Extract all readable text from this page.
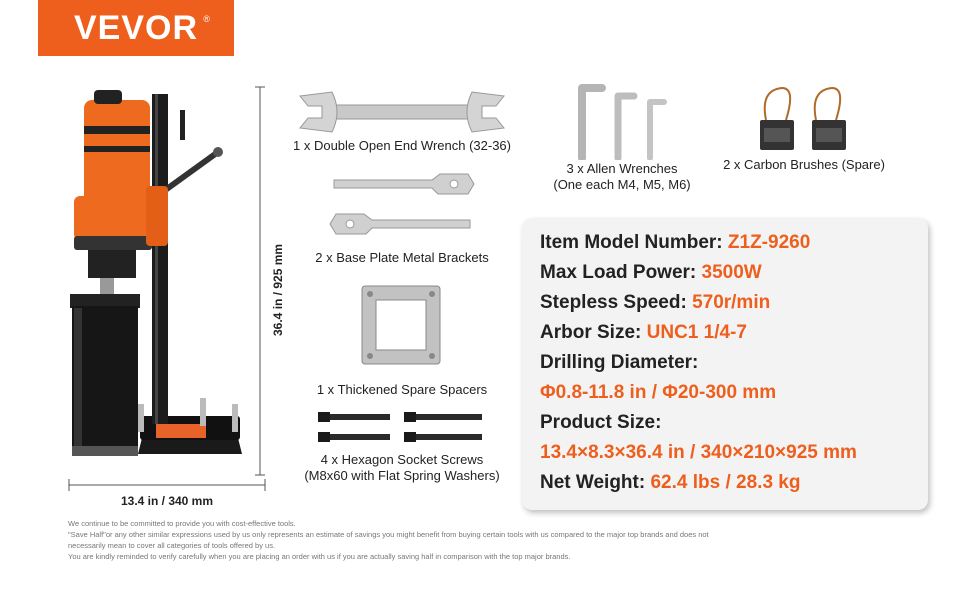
VEVOR ®
36.4 in / 925 mm
13.4 in / 340 mm
1 x Double Open End Wrench (32-36)
3 x Allen Wrenches
(One each M4, M5, M6)
2 x Carbon Brushes (Spare)
2 x Base Plate Metal Brackets
1 x Thickened Spare Spacers
4 x Hexagon Socket Screws
(M8x60 with Flat Spring Washers)
Item Model Number: Z1Z-9260
Max Load Power: 3500W
Stepless Speed: 570r/min
Arbor Size: UNC1 1/4-7
Drilling Diameter:
Φ0.8-11.8 in / Φ20-300 mm
Product Size:
13.4×8.3×36.4 in / 340×210×925 mm
Net Weight: 62.4 lbs / 28.3 kg
We continue to be committed to provide you with cost-effective tools.
"Save Half"or any other similar expressions used by us only represents an estimate of savings you might benefit from buying certain tools with us compared to the major top brands and does not
necessarily mean to cover all categories of tools offered by us.
You are kindly reminded to verify carefully when you are placing an order with us if you are actually saving half in comparison with the top major brands.
